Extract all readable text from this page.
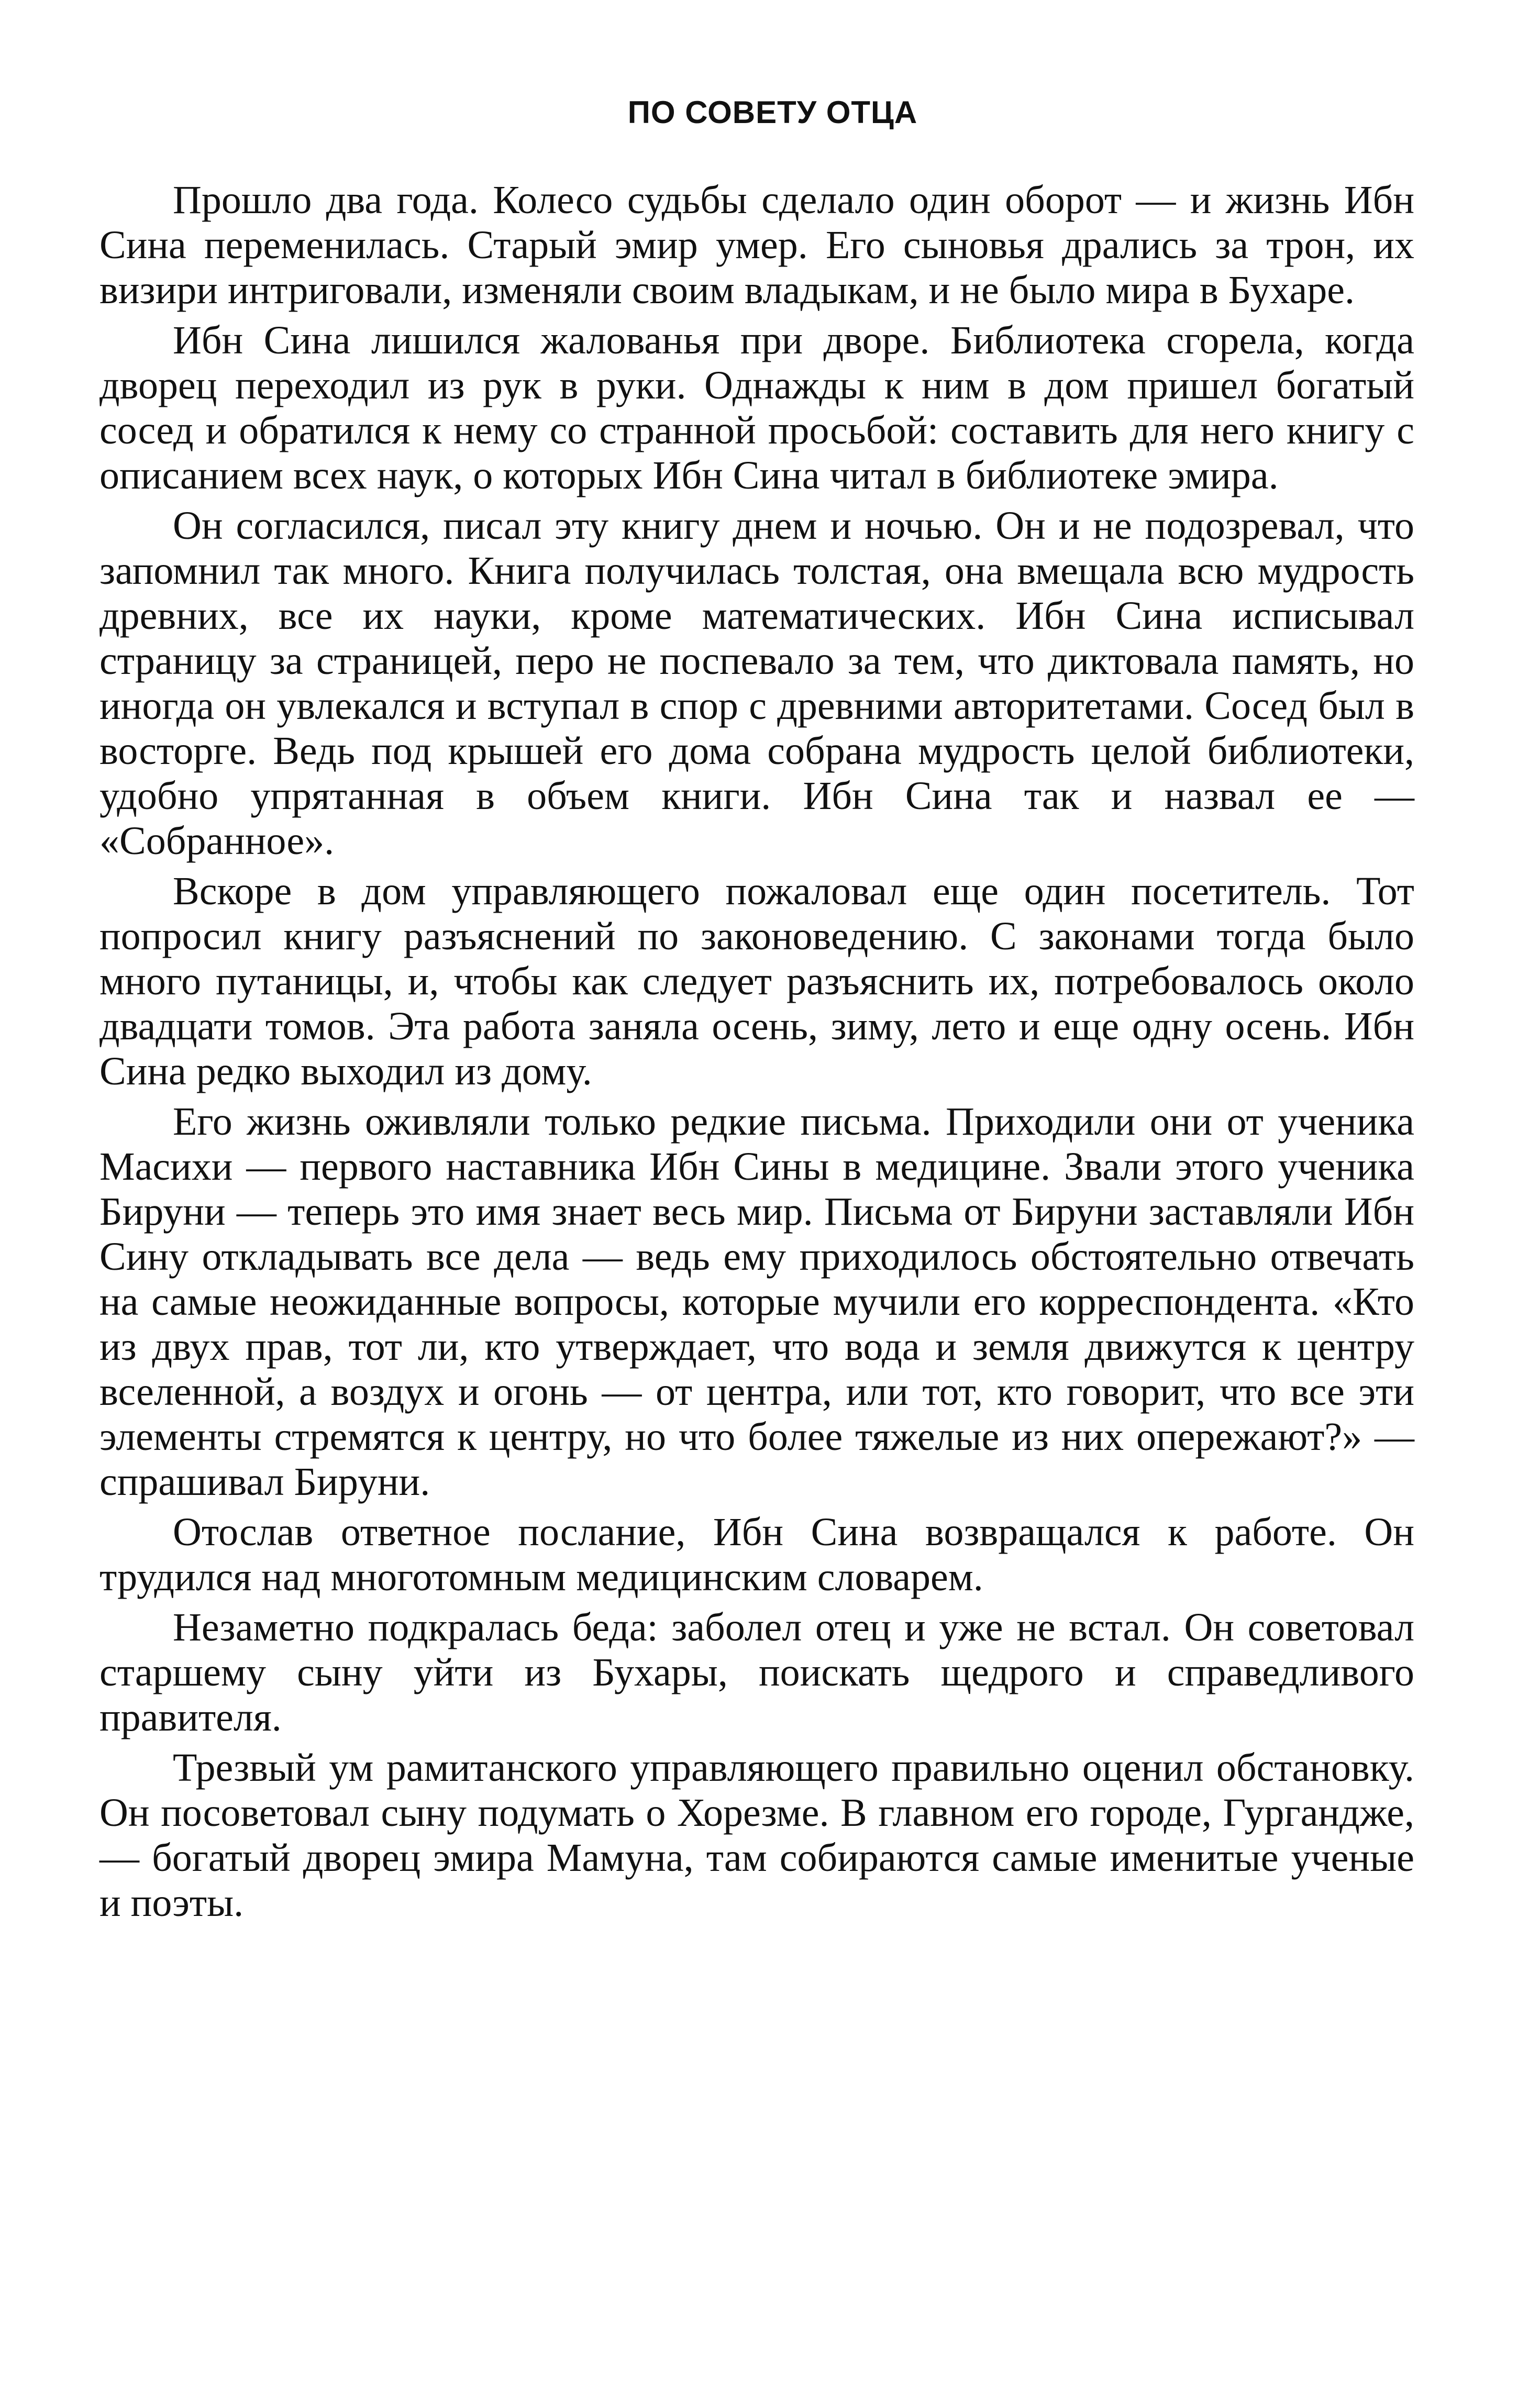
ПО СОВЕТУ ОТЦА

Прошло два года. Колесо судьбы сделало один оборот — и жизнь Ибн Сина переменилась. Старый эмир умер. Его сыновья дрались за трон, их визири интриговали, изменяли своим владыкам, и не было мира в Бухаре.

Ибн Сина лишился жалованья при дворе. Библиотека сгорела, когда дворец переходил из рук в руки. Однажды к ним в дом пришел богатый сосед и обратился к нему со странной просьбой: составить для него книгу с описанием всех наук, о которых Ибн Сина читал в библиотеке эмира.

Он согласился, писал эту книгу днем и ночью. Он и не подозревал, что запомнил так много. Книга получилась толстая, она вмещала всю мудрость древних, все их науки, кроме математических. Ибн Сина исписывал страницу за страницей, перо не поспевало за тем, что диктовала память, но иногда он увлекался и вступал в спор с древними авторитетами. Сосед был в восторге. Ведь под крышей его дома собрана мудрость целой библиотеки, удобно упрятанная в объем книги. Ибн Сина так и назвал ее — «Собранное».

Вскоре в дом управляющего пожаловал еще один посетитель. Тот попросил книгу разъяснений по законоведению. С законами тогда было много путаницы, и, чтобы как следует разъяснить их, потребовалось около двадцати томов. Эта работа заняла осень, зиму, лето и еще одну осень. Ибн Сина редко выходил из дому.

Его жизнь оживляли только редкие письма. Приходили они от ученика Масихи — первого наставника Ибн Сины в медицине. Звали этого ученика Бируни — теперь это имя знает весь мир. Письма от Бируни заставляли Ибн Сину откладывать все дела — ведь ему приходилось обстоятельно отвечать на самые неожиданные вопросы, которые мучили его корреспондента. «Кто из двух прав, тот ли, кто утверждает, что вода и земля движутся к центру вселенной, а воздух и огонь — от центра, или тот, кто говорит, что все эти элементы стремятся к центру, но что более тяжелые из них опережают?» — спрашивал Бируни.

Отослав ответное послание, Ибн Сина возвращался к работе. Он трудился над многотомным медицинским словарем.

Незаметно подкралась беда: заболел отец и уже не встал. Он советовал старшему сыну уйти из Бухары, поискать щедрого и справедливого правителя.

Трезвый ум рамитанского управляющего правильно оценил обстановку. Он посоветовал сыну подумать о Хорезме. В главном его городе, Гургандже, — богатый дворец эмира Мамуна, там собираются самые именитые ученые и поэты.
